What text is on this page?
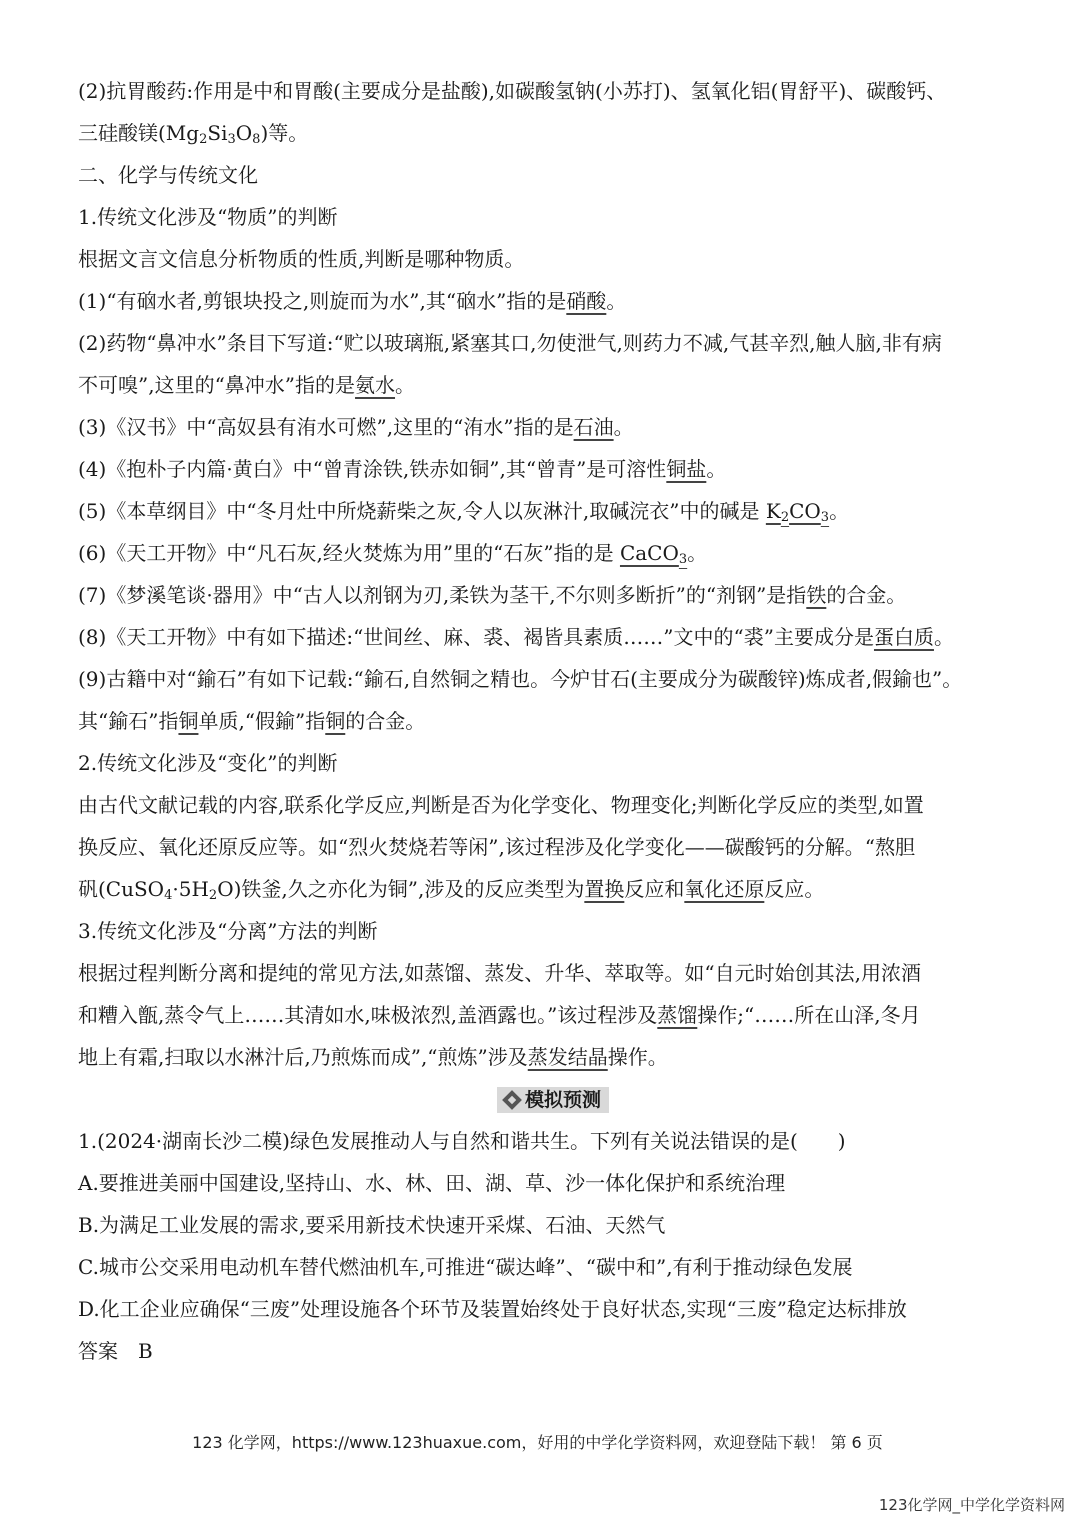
(2)抗胃酸药:作用是中和胃酸(主要成分是盐酸),如碳酸氢钠(小苏打)、氢氧化铝(胃舒平)、碳酸钙、
三硅酸镁$(Mg_2Si_3O_8)$等。
二、化学与传统文化
1.传统文化涉及“物质”的判断
根据文言文信息分析物质的性质,判断是哪种物质。
(1)“有硇水者,剪银块投之,则旋而为水”,其“硇水”指的是硝酸。
(2)药物“鼻冲水”条目下写道:“贮以玻璃瓶,紧塞其口,勿使泄气,则药力不减,气甚辛烈,触人脑,非有病
不可嗅”,这里的“鼻冲水”指的是氨水。
(3)《汉书》中“高奴县有洧水可燃”,这里的“洧水”指的是石油。
(4)《抱朴子内篇·黄白》中“曾青涂铁,铁赤如铜”,其“曾青”是可溶性铜盐。
(5)《本草纲目》中“冬月灶中所烧薪柴之灰,令人以灰淋汁,取碱浣衣”中的碱是 $K_2CO_3$。
(6)《天工开物》中“凡石灰,经火焚炼为用”里的“石灰”指的是 CaCO$_3$。
(7)《梦溪笔谈·器用》中“古人以剂钢为刃,柔铁为茎干,不尔则多断折”的“剂钢”是指铁的合金。
(8)《天工开物》中有如下描述:“世间丝、麻、裘、褐皆具素质……”文中的“裘”主要成分是蛋白质。
(9)古籍中对“鍮石”有如下记载:“鍮石,自然铜之精也。今炉甘石(主要成分为碳酸锌)炼成者,假鍮也”。
其“鍮石”指铜单质,“假鍮”指铜的合金。
2.传统文化涉及“变化”的判断
由古代文献记载的内容,联系化学反应,判断是否为化学变化、物理变化;判断化学反应的类型,如置
换反应、氧化还原反应等。如“烈火焚烧若等闲”,该过程涉及化学变化——碳酸钙的分解。“熬胆
矾$(CuSO_4\cdot 5H_2O)$铁釜,久之亦化为铜”,涉及的反应类型为置换反应和氧化还原反应。
3.传统文化涉及“分离”方法的判断
根据过程判断分离和提纯的常见方法,如蒸馏、蒸发、升华、萃取等。如“自元时始创其法,用浓酒
和糟入甑,蒸令气上……其清如水,味极浓烈,盖酒露也。”该过程涉及蒸馏操作;“……所在山泽,冬月
地上有霜,扫取以水淋汁后,乃煎炼而成”,“煎炼”涉及蒸发结晶操作。
模拟预测
1.(2024·湖南长沙二模)绿色发展推动人与自然和谐共生。下列有关说法错误的是(　　)
A.要推进美丽中国建设,坚持山、水、林、田、湖、草、沙一体化保护和系统治理
B.为满足工业发展的需求,要采用新技术快速开采煤、石油、天然气
C.城市公交采用电动机车替代燃油机车,可推进“碳达峰”、“碳中和”,有利于推动绿色发展
D.化工企业应确保“三废”处理设施各个环节及装置始终处于良好状态,实现“三废”稳定达标排放
答案　B
123 化学网，https://www.123huaxue.com，好用的中学化学资料网，欢迎登陆下载！ 第 6 页
123化学网_中学化学资料网
